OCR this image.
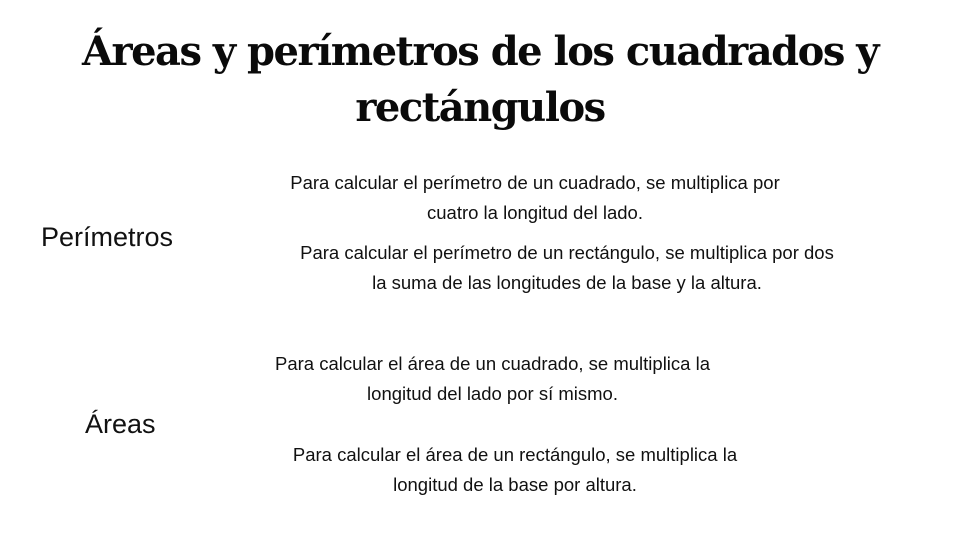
Áreas y perímetros de los cuadrados y
rectángulos
Perímetros

Para calcular el perímetro de un cuadrado, se multiplica por
cuatro la longitud del lado.

Para calcular el perímetro de un rectángulo, se multiplica por dos
la suma de las longitudes de la base y la altura.

Áreas

Para calcular el área de un cuadrado, se multiplica la
longitud del lado por sí mismo.

Para calcular el área de un rectángulo, se multiplica la
longitud de la base por altura.
